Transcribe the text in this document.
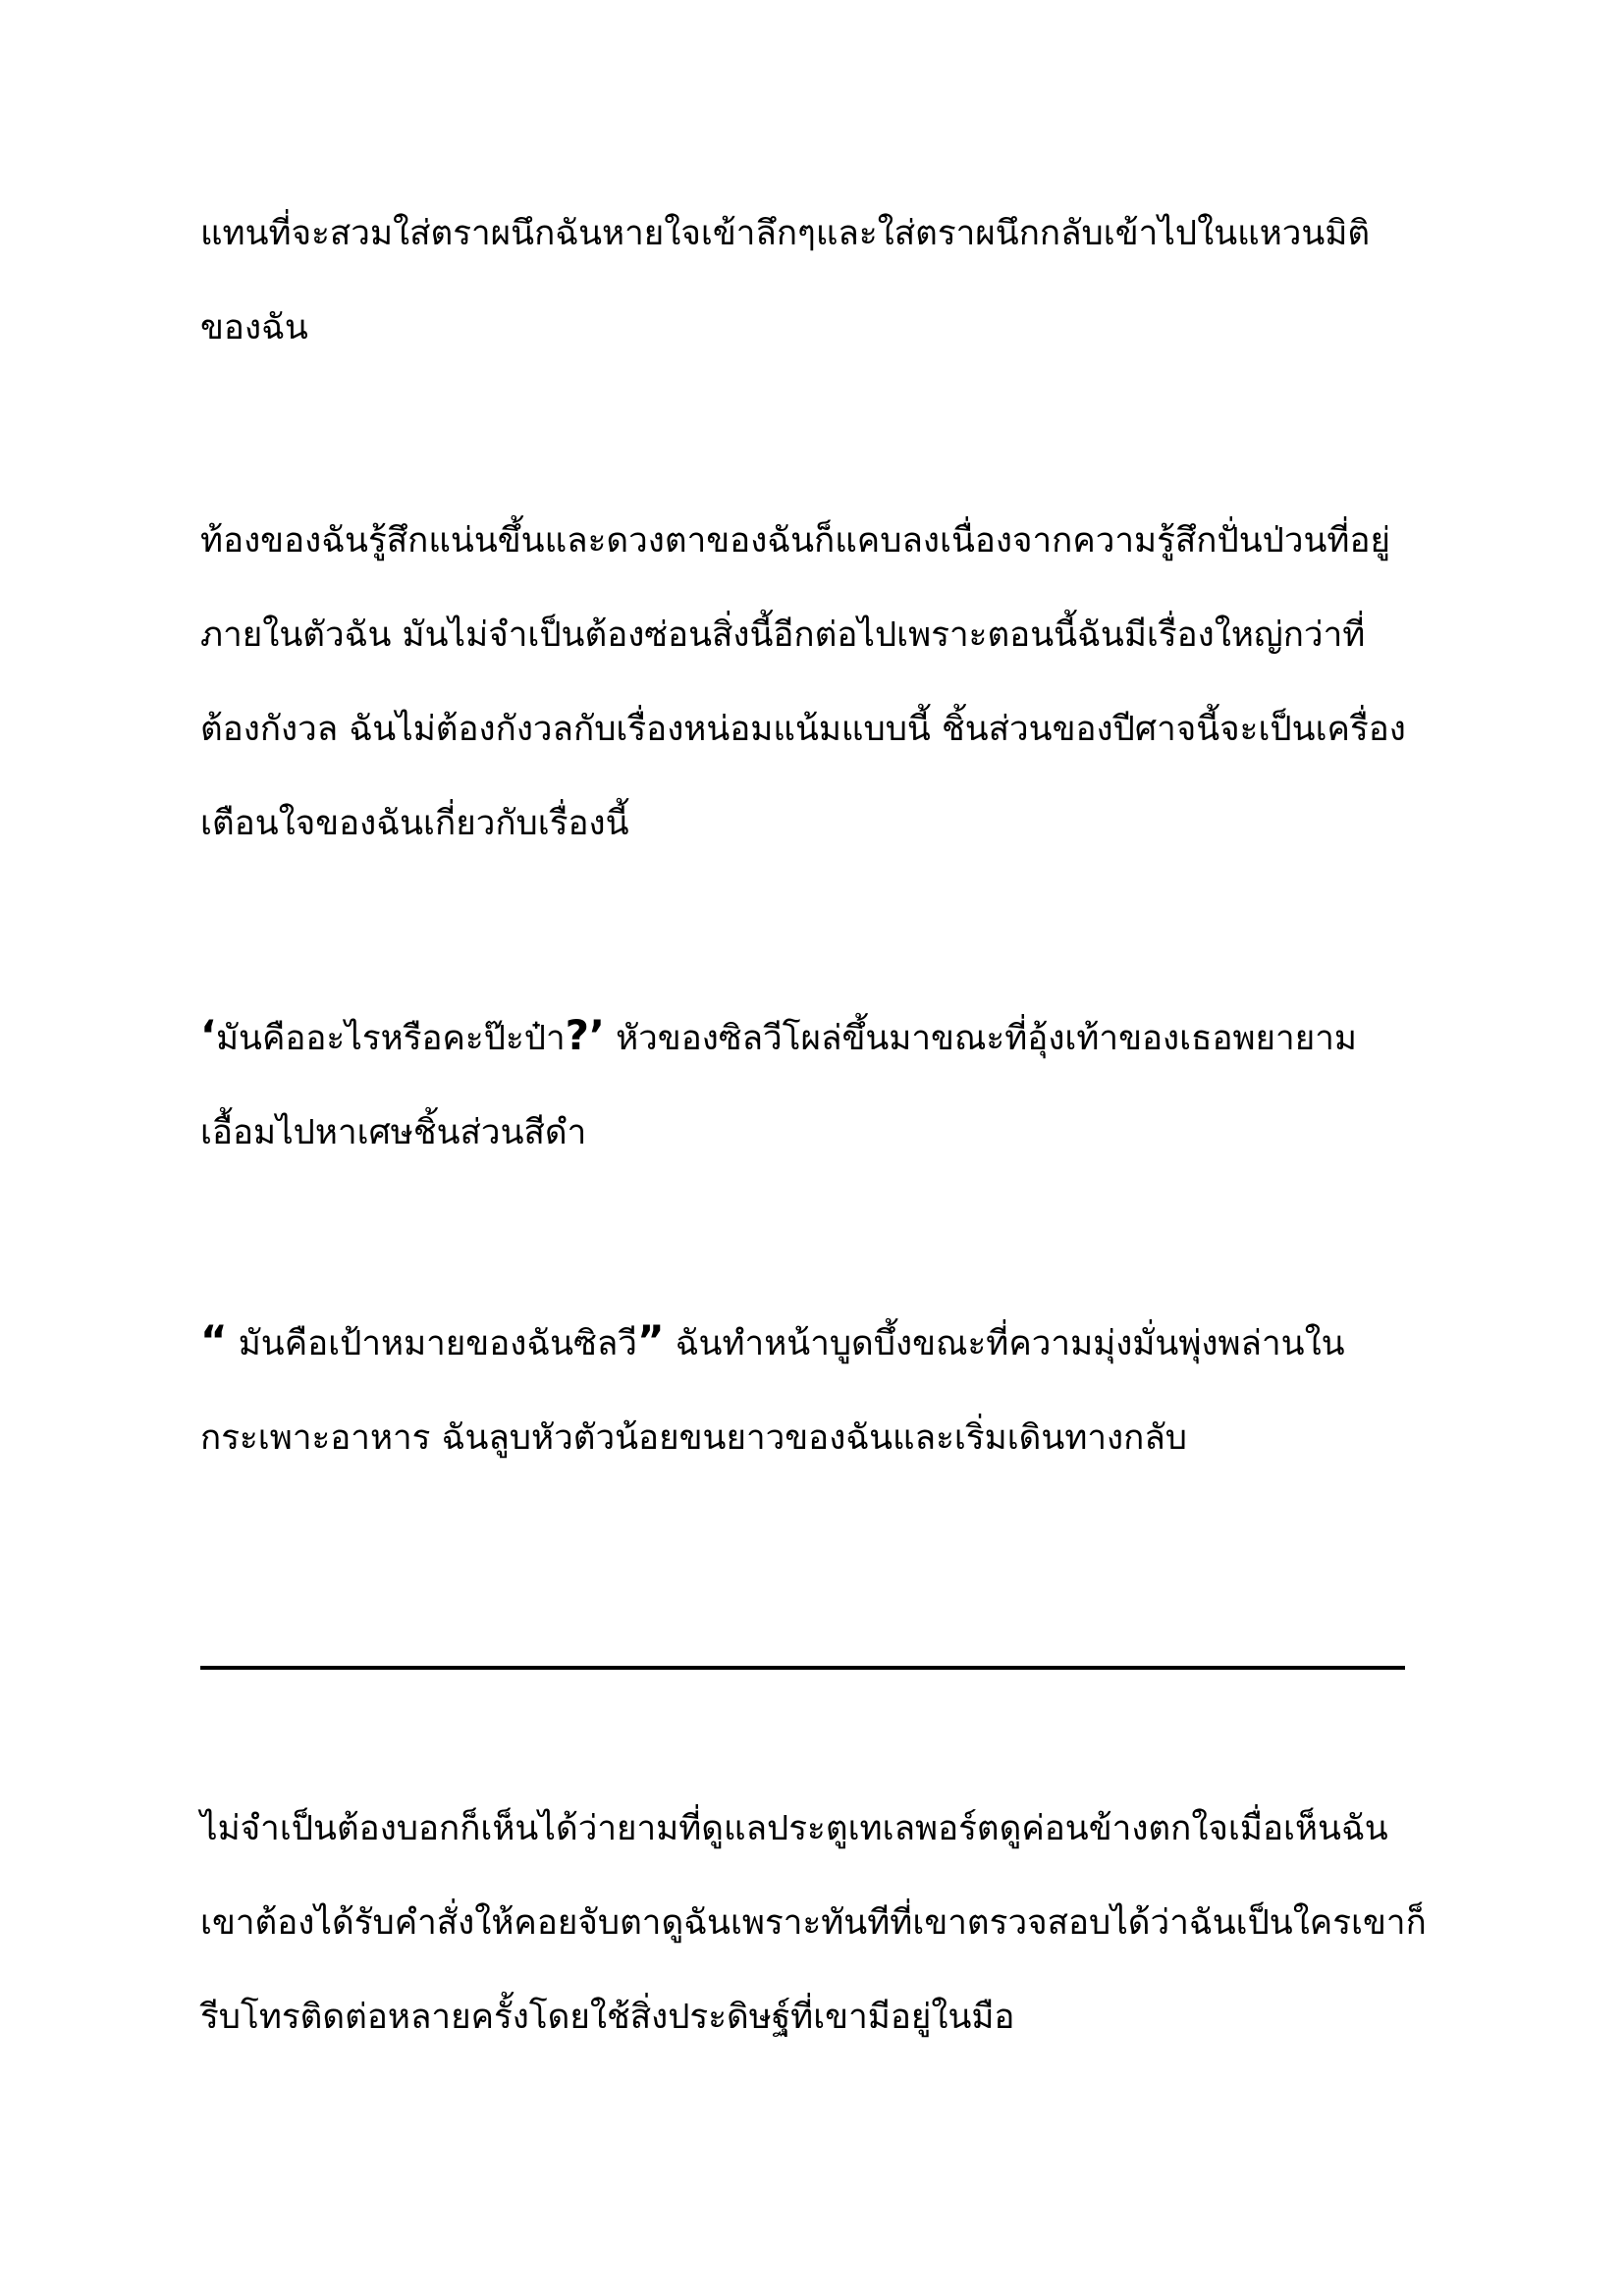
แทนที่จะสวมใส่ตราผนึกฉันหายใจเข้าลึกๆและใส่ตราผนึกกลับเข้าไปในแหวนมิติ
ของฉัน

ท้องของฉันรู้สึกแน่นขึ้นและดวงตาของฉันก็แคบลงเนื่องจากความรู้สึกปั่นป่วนที่อยู่
ภายในตัวฉัน มันไม่จำเป็นต้องซ่อนสิ่งนี้อีกต่อไปเพราะตอนนี้ฉันมีเรื่องใหญ่กว่าที่
ต้องกังวล ฉันไม่ต้องกังวลกับเรื่องหน่อมแน้มแบบนี้ ชิ้นส่วนของปีศาจนี้จะเป็นเครื่อง
เตือนใจของฉันเกี่ยวกับเรื่องนี้

‘มันคืออะไรหรือคะป๊ะป๋า?’ หัวของซิลวีโผล่ขึ้นมาขณะที่อุ้งเท้าของเธอพยายาม
เอื้อมไปหาเศษชิ้นส่วนสีดำ

“ มันคือเป้าหมายของฉันซิลวี” ฉันทำหน้าบูดบึ้งขณะที่ความมุ่งมั่นพุ่งพล่านใน
กระเพาะอาหาร ฉันลูบหัวตัวน้อยขนยาวของฉันและเริ่มเดินทางกลับ

ไม่จำเป็นต้องบอกก็เห็นได้ว่ายามที่ดูแลประตูเทเลพอร์ตดูค่อนข้างตกใจเมื่อเห็นฉัน
เขาต้องได้รับคำสั่งให้คอยจับตาดูฉันเพราะทันทีที่เขาตรวจสอบได้ว่าฉันเป็นใครเขาก็
รีบโทรติดต่อหลายครั้งโดยใช้สิ่งประดิษฐ์ที่เขามีอยู่ในมือ
